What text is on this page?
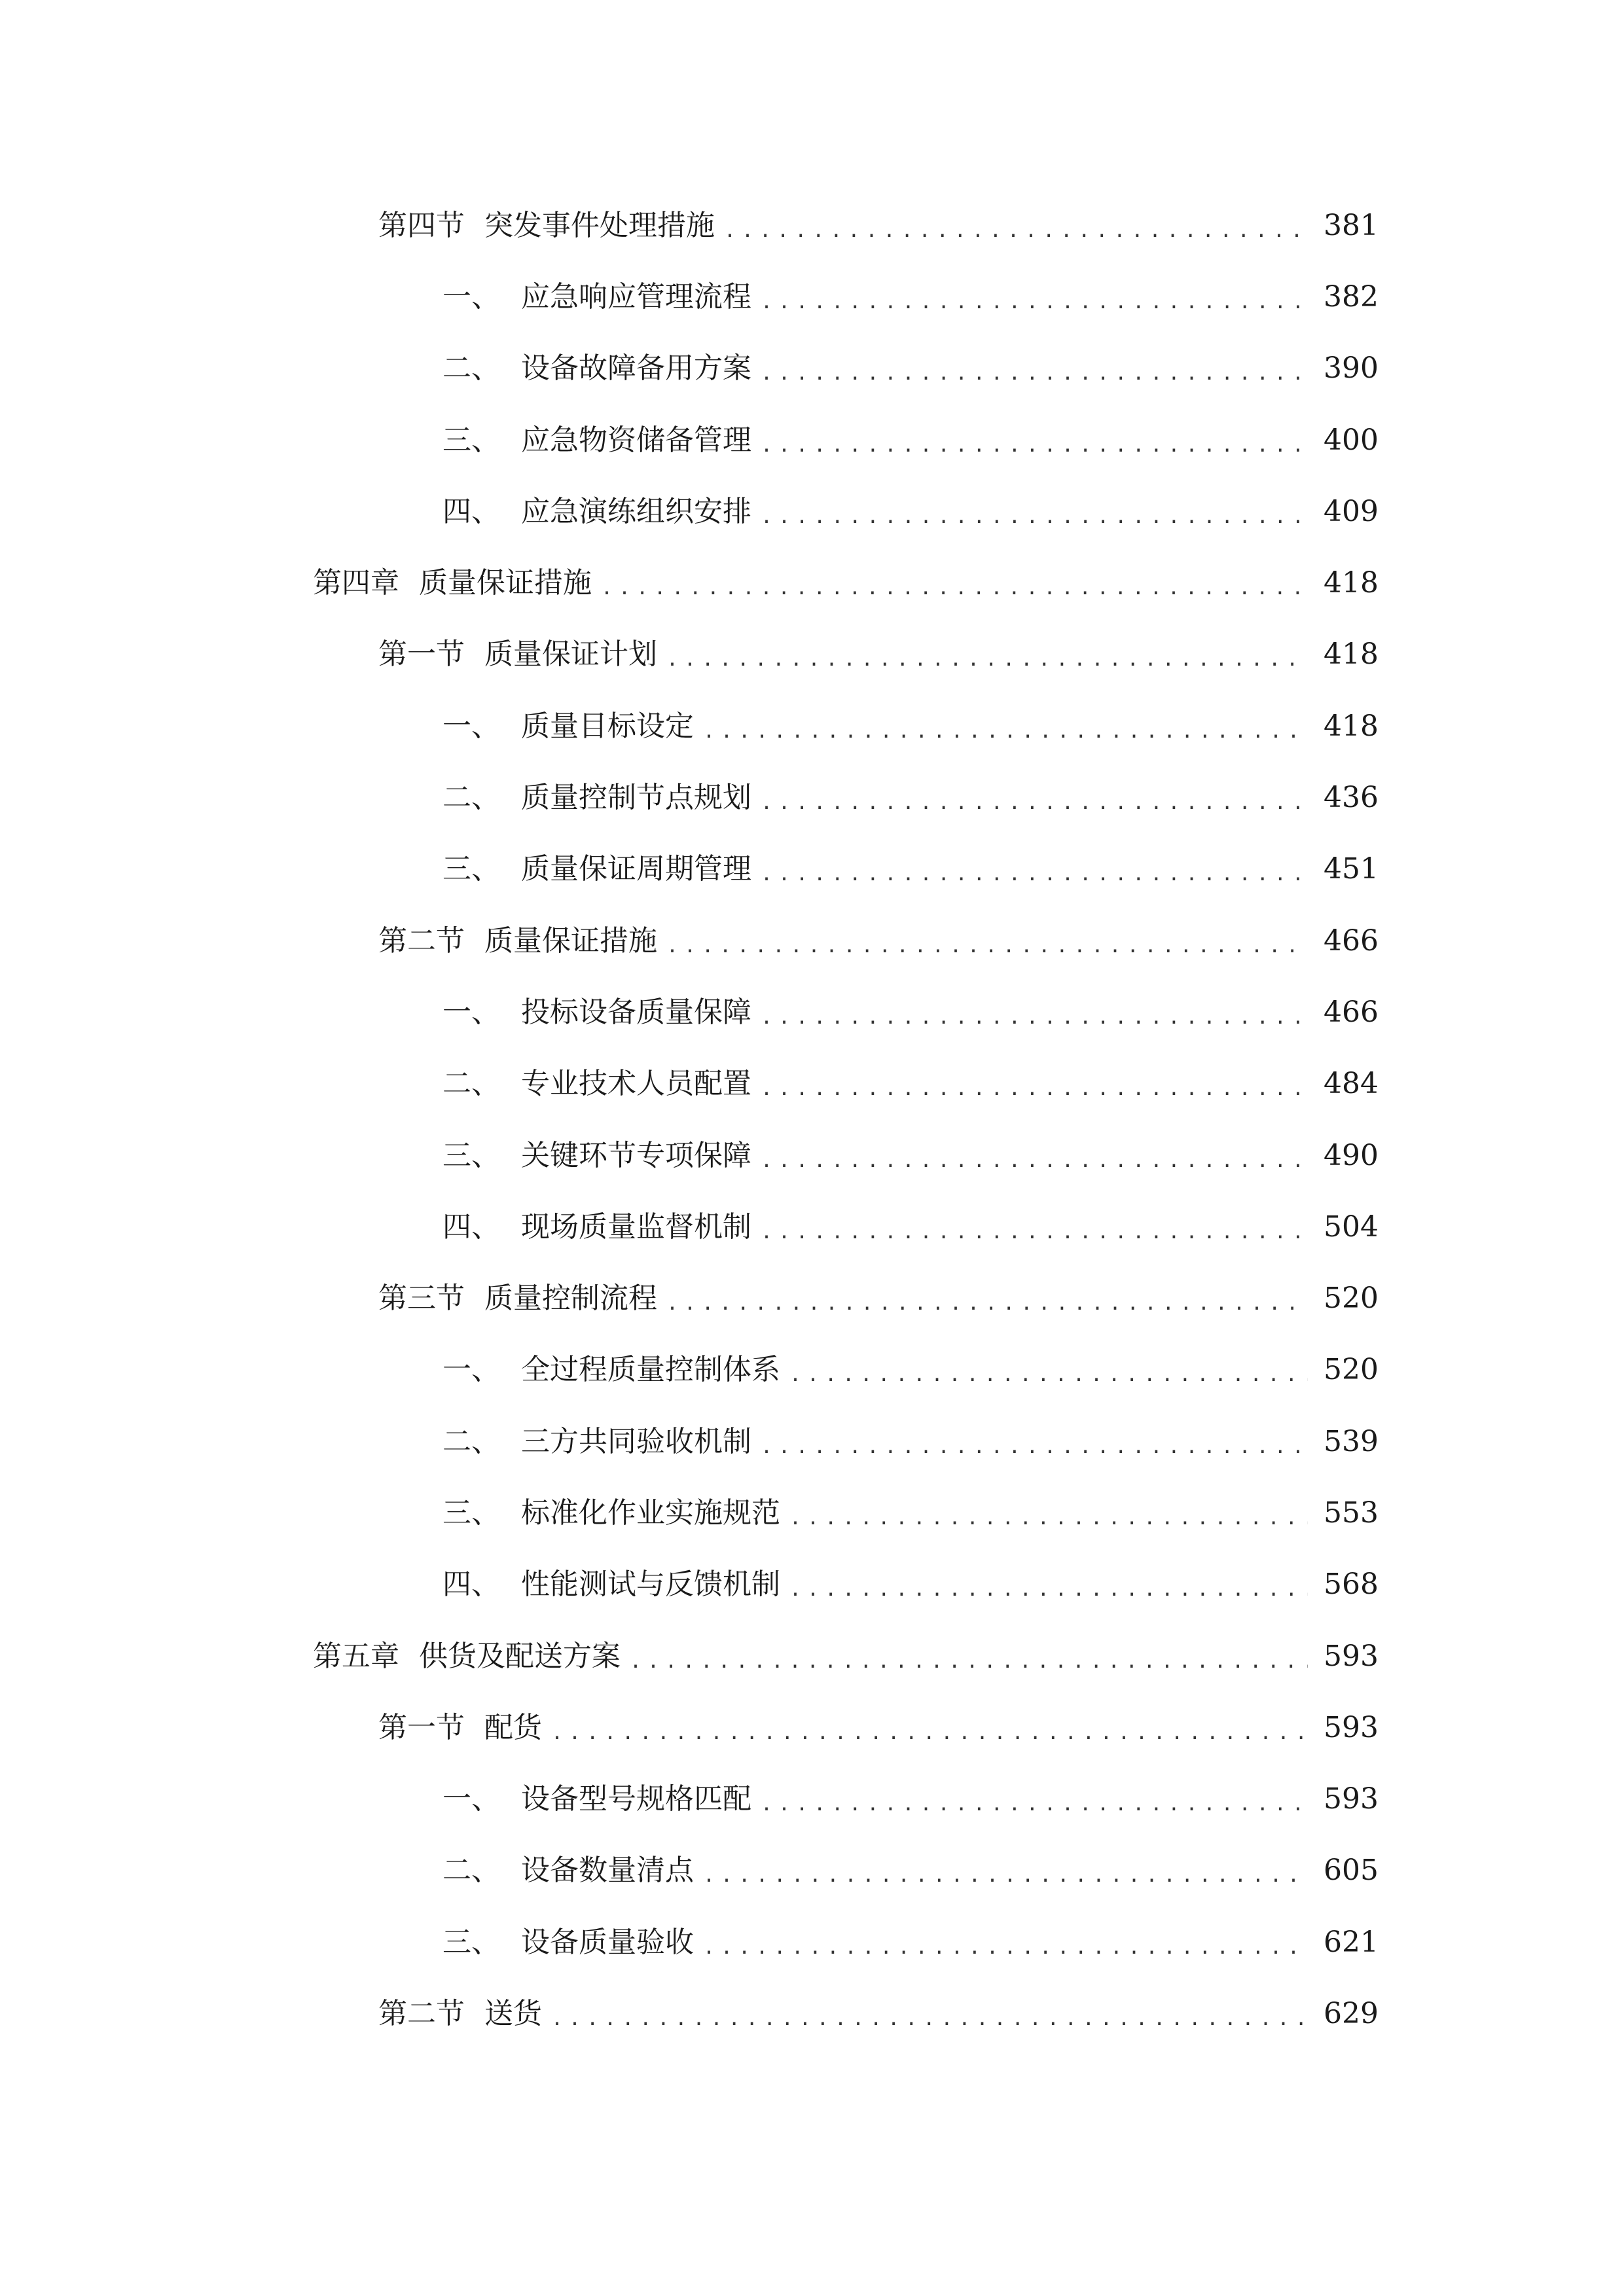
第四节 突发事件处理措施 .....	381
一、 应急响应管理流程 .....	382
二、 设备故障备用方案 .....	390
三、 应急物资储备管理 .....	400
四、 应急演练组织安排 .....	409
第四章 质量保证措施 .....	418
第一节 质量保证计划 .....	418
一、 质量目标设定 .....	418
二、 质量控制节点规划 .....	436
三、 质量保证周期管理 .....	451
第二节 质量保证措施 .....	466
一、 投标设备质量保障 .....	466
二、 专业技术人员配置 .....	484
三、 关键环节专项保障 .....	490
四、 现场质量监督机制 .....	504
第三节 质量控制流程 .....	520
一、 全过程质量控制体系 .....	520
二、 三方共同验收机制 .....	539
三、 标准化作业实施规范 .....	553
四、 性能测试与反馈机制 .....	568
第五章 供货及配送方案 .....	593
第一节 配货 .....	593
一、 设备型号规格匹配 .....	593
二、 设备数量清点 .....	605
三、 设备质量验收 .....	621
第二节 送货 .....	629
